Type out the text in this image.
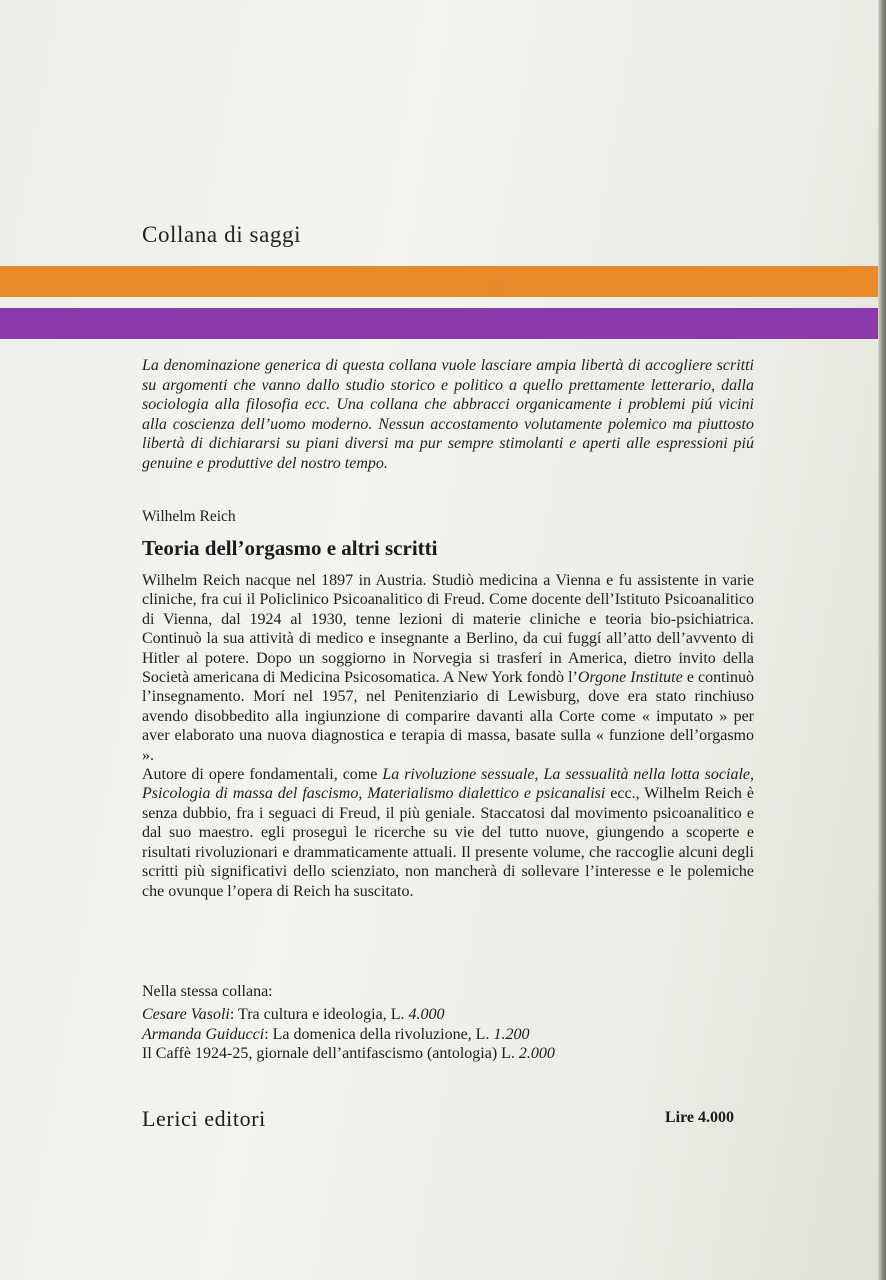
Collana di saggi
La denominazione generica di questa collana vuole lasciare ampia libertà di accogliere scritti su argomenti che vanno dallo studio storico e politico a quello prettamente letterario, dalla sociologia alla filosofia ecc. Una collana che abbracci organicamente i problemi piú vicini alla coscienza dell’uomo moderno. Nessun accostamento volutamente polemico ma piuttosto libertà di dichiararsi su piani diversi ma pur sempre stimolanti e aperti alle espressioni piú genuine e produttive del nostro tempo.
Wilhelm Reich
Teoria dell’orgasmo e altri scritti

Wilhelm Reich nacque nel 1897 in Austria. Studiò medicina a Vienna e fu assistente in varie cliniche, fra cui il Policlinico Psicoanalitico di Freud. Come docente dell’Istituto Psicoanalitico di Vienna, dal 1924 al 1930, tenne lezioni di materie cliniche e teoria bio-psichiatrica. Continuò la sua attività di medico e insegnante a Berlino, da cui fuggí all’atto dell’avvento di Hitler al potere. Dopo un soggiorno in Norvegia si trasferí in America, dietro invito della Società americana di Medicina Psicosomatica. A New York fondò l’Orgone Institute e continuò l’insegnamento. Morí nel 1957, nel Penitenziario di Lewisburg, dove era stato rinchiuso avendo disobbedito alla ingiunzione di comparire davanti alla Corte come « imputato » per aver elaborato una nuova diagnostica e terapia di massa, basate sulla « funzione dell’orgasmo ».

Autore di opere fondamentali, come La rivoluzione sessuale, La sessualità nella lotta sociale, Psicologia di massa del fascismo, Materialismo dialettico e psicanalisi ecc., Wilhelm Reich è senza dubbio, fra i seguaci di Freud, il più geniale. Staccatosi dal movimento psicoanalitico e dal suo maestro. egli proseguì le ricerche su vie del tutto nuove, giungendo a scoperte e risultati rivoluzionari e drammaticamente attuali. Il presente volume, che raccoglie alcuni degli scritti più significativi dello scienziato, non mancherà di sollevare l’interesse e le polemiche che ovunque l’opera di Reich ha suscitato.

Nella stessa collana:
Cesare Vasoli: Tra cultura e ideologia, L. 4.000
Armanda Guiducci: La domenica della rivoluzione, L. 1.200
Il Caffè 1924-25, giornale dell’antifascismo (antologia) L. 2.000
Lerici editori	Lire 4.000
